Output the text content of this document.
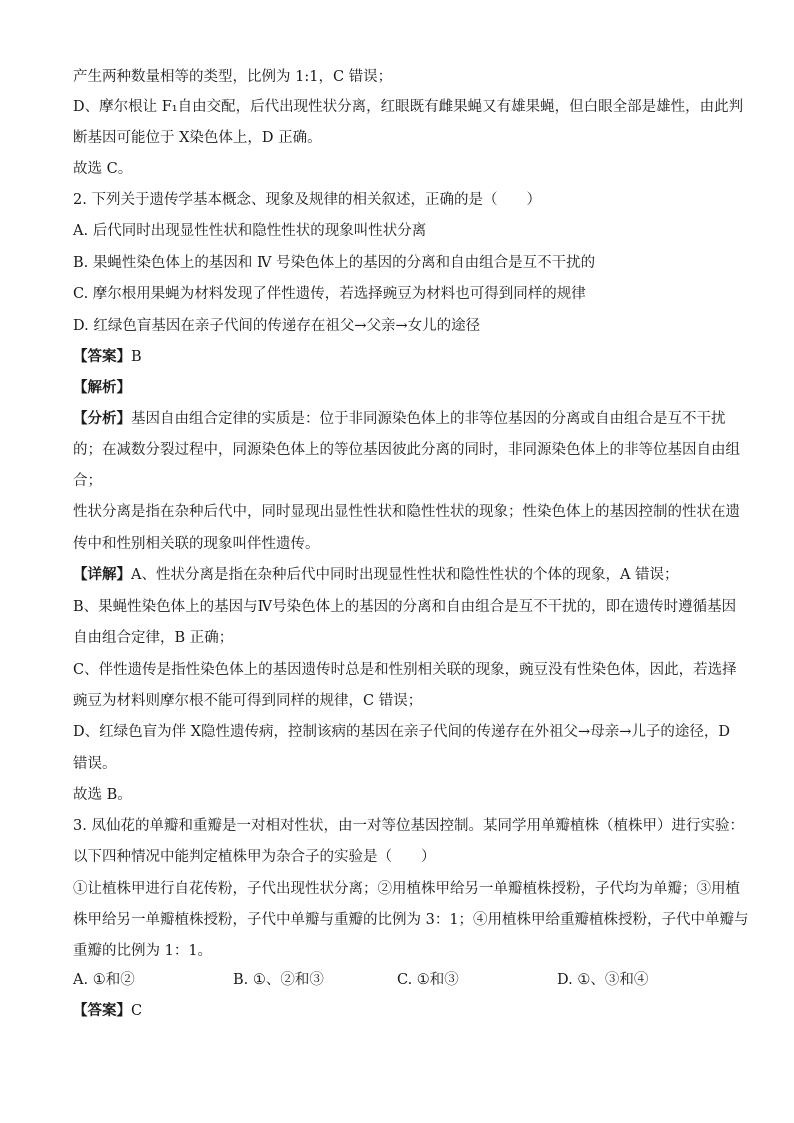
产生两种数量相等的类型，比例为 1:1，C 错误；
D、摩尔根让 F₁自由交配，后代出现性状分离，红眼既有雌果蝇又有雄果蝇，但白眼全部是雄性，由此判
断基因可能位于 X染色体上，D 正确。
故选 C。
2. 下列关于遗传学基本概念、现象及规律的相关叙述，正确的是（　　）
A. 后代同时出现显性性状和隐性性状的现象叫性状分离
B. 果蝇性染色体上的基因和 Ⅳ 号染色体上的基因的分离和自由组合是互不干扰的
C. 摩尔根用果蝇为材料发现了伴性遗传，若选择豌豆为材料也可得到同样的规律
D. 红绿色盲基因在亲子代间的传递存在祖父→父亲→女儿的途径
【答案】B
【解析】
【分析】基因自由组合定律的实质是：位于非同源染色体上的非等位基因的分离或自由组合是互不干扰
的；在减数分裂过程中，同源染色体上的等位基因彼此分离的同时，非同源染色体上的非等位基因自由组
合；
性状分离是指在杂种后代中，同时显现出显性性状和隐性性状的现象；性染色体上的基因控制的性状在遗
传中和性别相关联的现象叫伴性遗传。
【详解】A、性状分离是指在杂种后代中同时出现显性性状和隐性性状的个体的现象，A 错误；
B、果蝇性染色体上的基因与Ⅳ号染色体上的基因的分离和自由组合是互不干扰的，即在遗传时遵循基因
自由组合定律，B 正确；
C、伴性遗传是指性染色体上的基因遗传时总是和性别相关联的现象，豌豆没有性染色体，因此，若选择
豌豆为材料则摩尔根不能可得到同样的规律，C 错误；
D、红绿色盲为伴 X隐性遗传病，控制该病的基因在亲子代间的传递存在外祖父→母亲→儿子的途径，D
错误。
故选 B。
3. 凤仙花的单瓣和重瓣是一对相对性状，由一对等位基因控制。某同学用单瓣植株（植株甲）进行实验：
以下四种情况中能判定植株甲为杂合子的实验是（　　）
①让植株甲进行自花传粉，子代出现性状分离；②用植株甲给另一单瓣植株授粉，子代均为单瓣；③用植
株甲给另一单瓣植株授粉，子代中单瓣与重瓣的比例为 3：1；④用植株甲给重瓣植株授粉，子代中单瓣与
重瓣的比例为 1：1。
A. ①和②	B. ①、②和③	C. ①和③	D. ①、③和④
【答案】C
